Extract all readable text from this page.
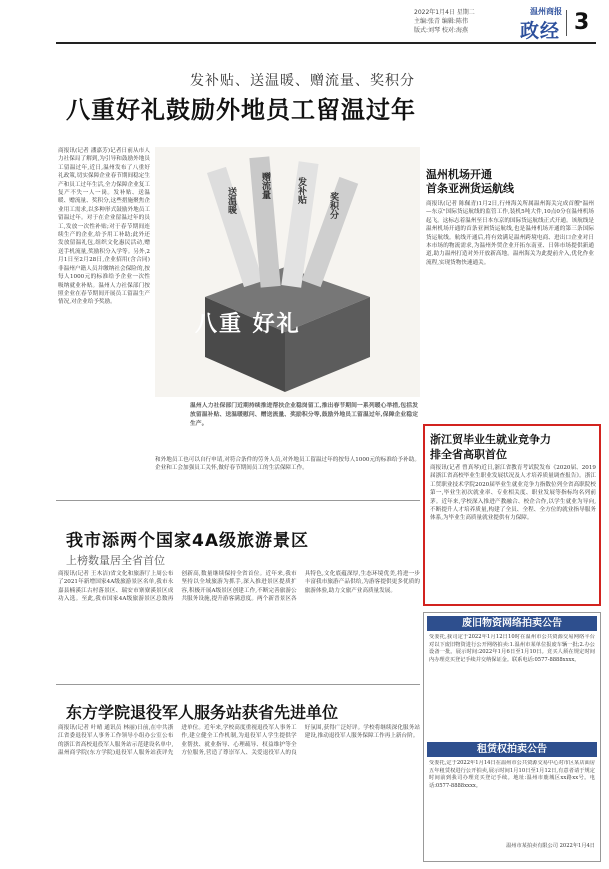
2022年1月4日 星期二
主编:张青 编辑:陈伟
版式:刘琴 校对:海燕
温州商报
政经 3
发补贴、送温暖、赠流量、奖积分
八重好礼鼓励外地员工留温过年
商报讯(记者 潘嘉芳)记者日前从市人力社保局了解到,为引导和鼓励外地员工留温过年,近日,温州发布了八重好礼政策,切实保障企业春节期间稳定生产和员工过年生活,全力保障企业复工复产不失一人一岗。发补贴、送温暖、赠流量、奖积分,这些措施聚焦企业用工需求,以多种形式鼓励外地员工留温过年。对于在企业留温过年的员工,发放一次性补贴;对于春节期间连续生产的企业,给予用工补助;此外还发放留温礼包,组织文化惠民活动,赠送手机流量,奖励积分入学等。另外,2月1日至2月28日,企业招用(含合同)非温州户籍人员并缴纳社会保险的,按每人1000元的标准给予企业一次性吸纳就业补贴。温州人力社保部门按照企业在春节期间开展员工留温生产情况,对企业给予奖励。
送温暖
赠流量	发补贴
奖积分
八重 好礼
温州人力社保部门近期持续推进帮扶企业稳岗留工,推出春节期间一系列暖心举措,包括发放留温补贴、送温暖慰问、赠送流量、奖励积分等,鼓励外地员工留温过年,保障企业稳定生产。
和外地员工也可以自行申请,对符合条件的劳务人员,对外地员工留温过年的按每人1000元的标准给予补助。企业和工会加强员工关怀,做好春节期间员工的生活保障工作。
温州机场开通
首条亚洲货运航线
商报讯(记者 陈佩青)1月2日,行州海关所属温州海关完成首艘"温州—东京"国际货运航线的监管工作,装机5吨大件,10点0分在温州机场起飞。这标志着温州至日本东京的国际货运航线正式开通。该航线是温州机场开通的首条亚洲货运航线,也是温州机场开通的第三条国际货运航线。航线开通后,将有效满足温州跨境电商、进出口企业对日本市场的物流需求,为温州外贸企业开拓东南亚、日韩市场提供新通道,助力温州打造对外开放新高地。温州海关为此提前介入,优化作业流程,实现货物快速通关。
浙江贸毕业生就业竞争力
排全省高职首位
商报讯(记者 曾真琴)近日,浙江省教育考试院发布《2020届、2019届浙江省高校毕业生职业发展状况及人才培养质量调查报告》。浙江工贸职业技术学院2020届毕业生就业竞争力指数位列全省高职院校第一,毕业生初次就业率、专业相关度、职业发展等指标均名列前茅。近年来,学校深入推进产教融合、校企合作,以学生就业为导向,不断提升人才培养质量,构建了全员、全程、全方位的就业指导服务体系,为毕业生高质量就业提供有力保障。
我市添两个国家4A级旅游景区
上榜数量居全省首位
商报讯(记者 王木洁)省文化和旅游厅上周公布了2021年新增国家4A级旅游景区名单,我市永嘉县楠溪江古村落景区、瑞安市寨寮溪景区成功入选。至此,我市国家4A级旅游景区总数再创新高,数量继续保持全省首位。近年来,我市坚持以全域旅游为抓手,深入推进景区提质扩容,积极开展A级景区创建工作,不断完善旅游公共服务设施,提升游客满意度。两个新晋景区各具特色,文化底蕴深厚,生态环境优美,将进一步丰富我市旅游产品供给,为游客提供更多优质的旅游体验,助力文旅产业高质量发展。
东方学院退役军人服务站获省先进单位
商报讯(记者 叶晴 通讯员 林丽)日前,在中共浙江省委退役军人事务工作领导小组办公室公布的浙江省高校退役军人服务站示范建设名单中,温州商学院(东方学院)退役军人服务站获评先进单位。近年来,学校高度重视退役军人事务工作,建立健全工作机制,为退役军人学生提供学业帮扶、就业指导、心理疏导、权益维护等全方位服务,营造了尊崇军人、关爱退役军人的良好氛围,获得广泛好评。学校将继续深化服务站建设,推动退役军人服务保障工作再上新台阶。
废旧物资网络拍卖公告
受委托,我司定于2022年1月12日10时在温州市公共资源交易网络平台对以下废旧物资进行公开网络拍卖:1.温州市某单位报废车辆一批;2.办公设备一批。展示时间:2022年1月6日至1月10日。竞买人须在规定时间内办理竞买登记手续并交纳保证金。联系电话:0577-8888xxxx。
租赁权拍卖公告
受委托,定于2022年1月14日在温州市公共资源交易中心对市区某店面房五年租赁权进行公开拍卖,展示时间1月10日至1月12日,有意者请于规定时间前到我司办理竞买登记手续。地址:温州市鹿城区xx路xx号。电话:0577-8888xxxx。
温州市某拍卖有限公司 2022年1月4日
